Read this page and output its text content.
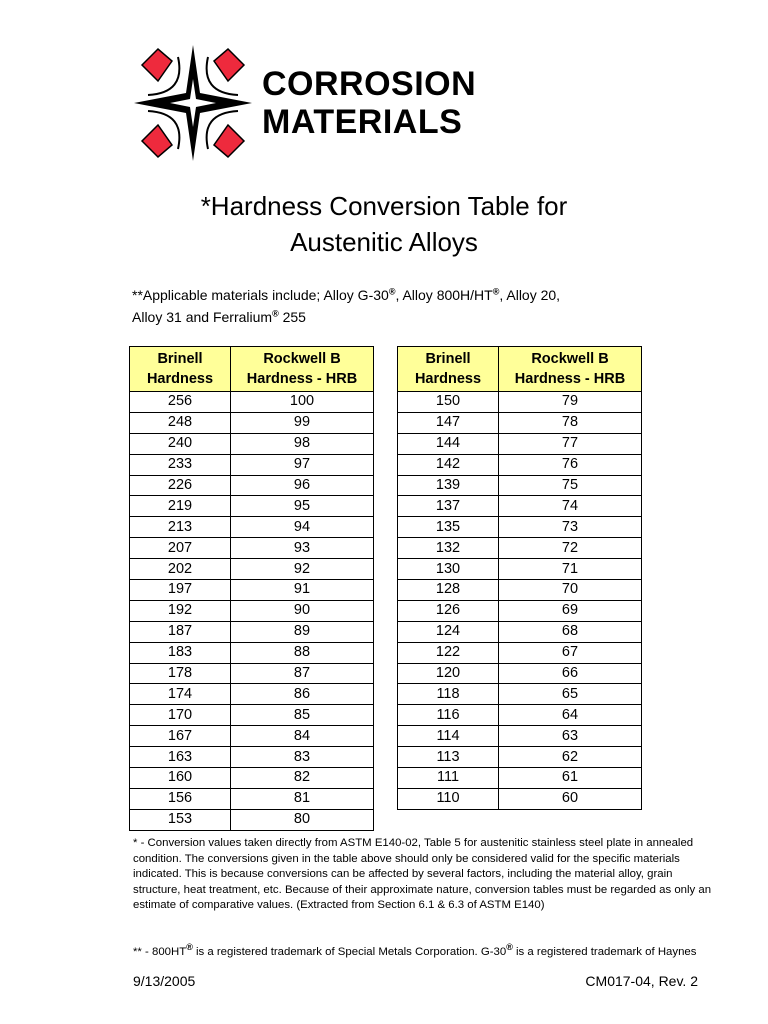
CORROSION
MATERIALS
*Hardness Conversion Table for
Austenitic Alloys
**Applicable materials include; Alloy G-30®, Alloy 800H/HT®, Alloy 20,
Alloy 31 and Ferralium® 255
Brinell
Hardness	Rockwell B
Hardness - HRB
256	100
248	99
240	98
233	97
226	96
219	95
213	94
207	93
202	92
197	91
192	90
187	89
183	88
178	87
174	86
170	85
167	84
163	83
160	82
156	81
153	80
Brinell
Hardness	Rockwell B
Hardness - HRB
150	79
147	78
144	77
142	76
139	75
137	74
135	73
132	72
130	71
128	70
126	69
124	68
122	67
120	66
118	65
116	64
114	63
113	62
111	61
110	60
* - Conversion values taken directly from ASTM E140-02, Table 5 for austenitic stainless steel plate in annealed condition. The conversions given in the table above should only be considered valid for the specific materials indicated. This is because conversions can be affected by several factors, including the material alloy, grain structure, heat treatment, etc. Because of their approximate nature, conversion tables must be regarded as only an estimate of comparative values. (Extracted from Section 6.1 & 6.3 of ASTM E140)
** - 800HT® is a registered trademark of Special Metals Corporation. G-30® is a registered trademark of Haynes
9/13/2005	CM017-04, Rev. 2
